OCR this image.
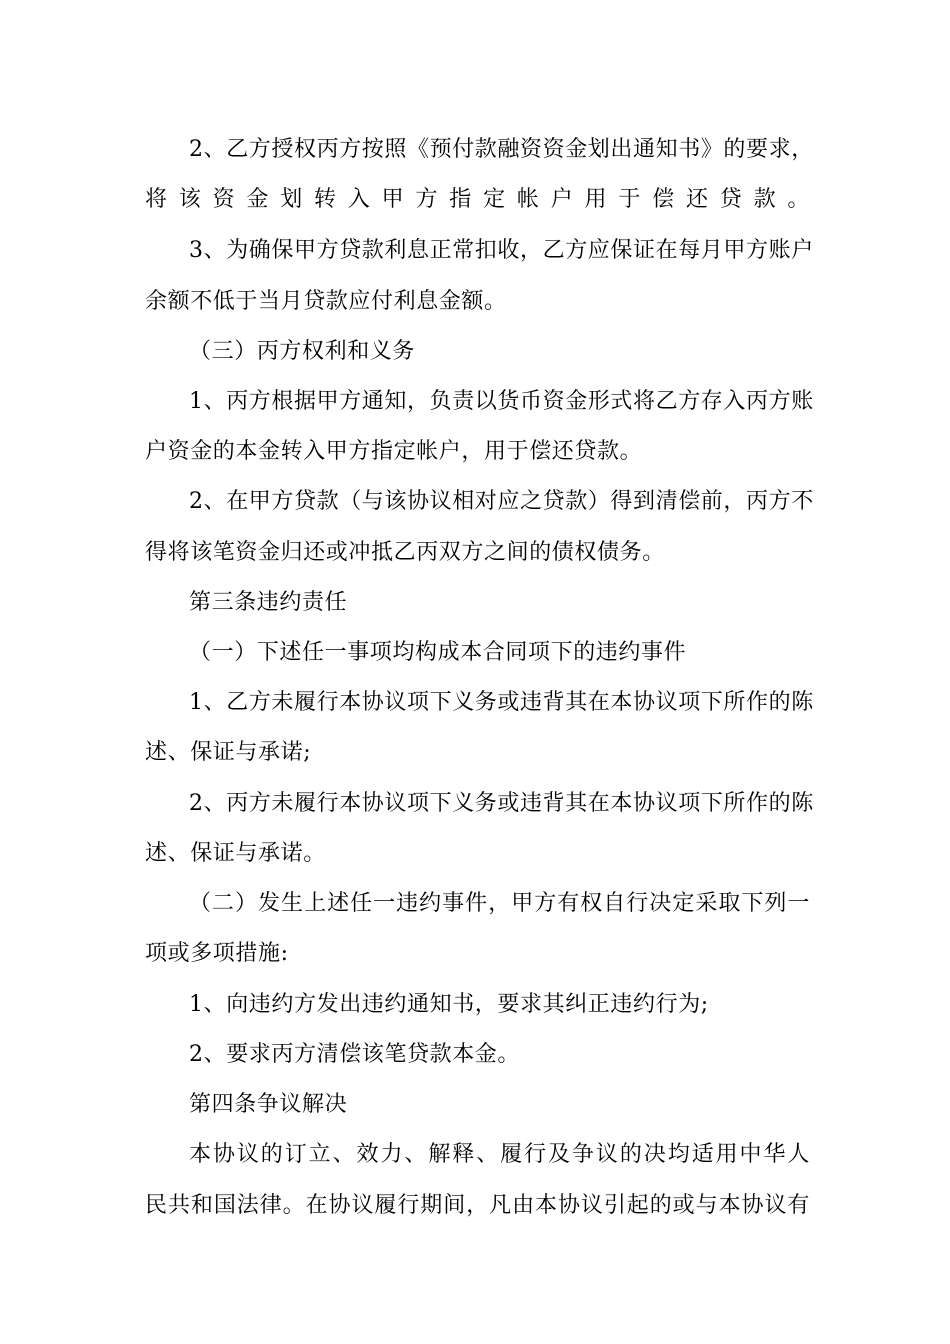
2、乙方授权丙方按照《预付款融资资金划出通知书》的要求，
将该资金划转入甲方指定帐户用于偿还贷款。
3、为确保甲方贷款利息正常扣收，乙方应保证在每月甲方账户
余额不低于当月贷款应付利息金额。
（三）丙方权利和义务
1、丙方根据甲方通知，负责以货币资金形式将乙方存入丙方账
户资金的本金转入甲方指定帐户，用于偿还贷款。
2、在甲方贷款（与该协议相对应之贷款）得到清偿前，丙方不
得将该笔资金归还或冲抵乙丙双方之间的债权债务。
第三条违约责任
（一）下述任一事项均构成本合同项下的违约事件
1、乙方未履行本协议项下义务或违背其在本协议项下所作的陈
述、保证与承诺;
2、丙方未履行本协议项下义务或违背其在本协议项下所作的陈
述、保证与承诺。
（二）发生上述任一违约事件，甲方有权自行决定采取下列一
项或多项措施:
1、向违约方发出违约通知书，要求其纠正违约行为;
2、要求丙方清偿该笔贷款本金。
第四条争议解决
本协议的订立、效力、解释、履行及争议的决均适用中华人
民共和国法律。在协议履行期间，凡由本协议引起的或与本协议有
